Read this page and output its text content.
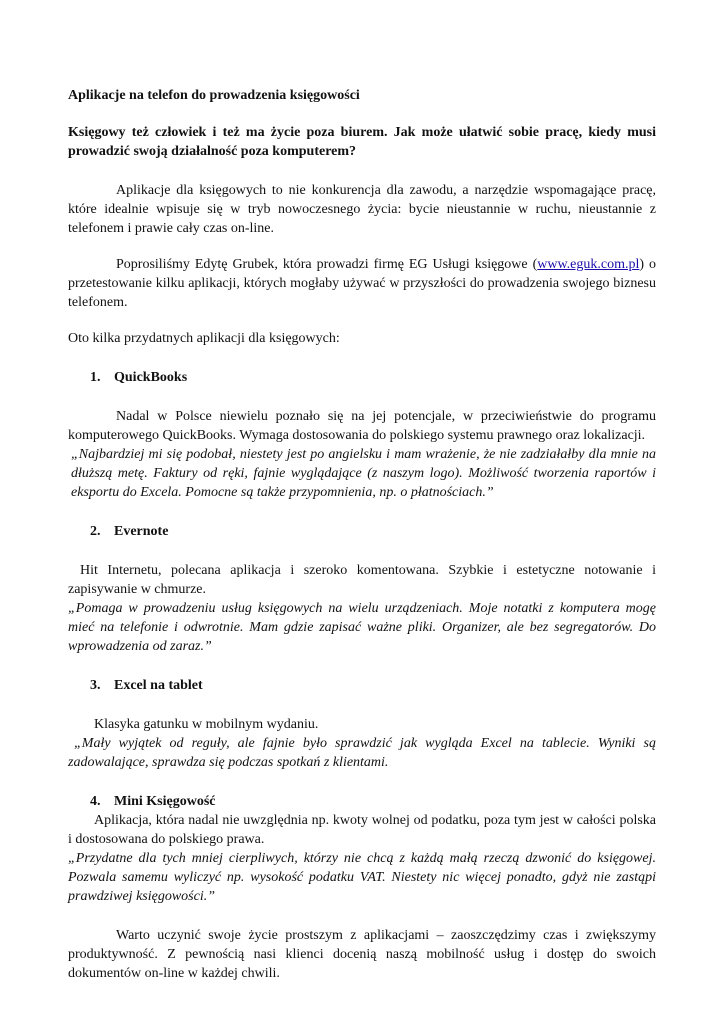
Aplikacje na telefon do prowadzenia księgowości

Księgowy też człowiek i też ma życie poza biurem. Jak może ułatwić sobie pracę, kiedy musi prowadzić swoją działalność poza komputerem?

Aplikacje dla księgowych to nie konkurencja dla zawodu, a narzędzie wspomagające pracę, które idealnie wpisuje się w tryb nowoczesnego życia: bycie nieustannie w ruchu, nieustannie z telefonem i prawie cały czas on-line.

Poprosiliśmy Edytę Grubek, która prowadzi firmę EG Usługi księgowe (www.eguk.com.pl) o przetestowanie kilku aplikacji, których mogłaby używać w przyszłości do prowadzenia swojego biznesu telefonem.

Oto kilka przydatnych aplikacji dla księgowych:

1. QuickBooks

Nadal w Polsce niewielu poznało się na jej potencjale, w przeciwieństwie do programu komputerowego QuickBooks. Wymaga dostosowania do polskiego systemu prawnego oraz lokalizacji.

„Najbardziej mi się podobał, niestety jest po angielsku i mam wrażenie, że nie zadziałałby dla mnie na dłuższą metę. Faktury od ręki, fajnie wyglądające (z naszym logo). Możliwość tworzenia raportów i eksportu do Excela. Pomocne są także przypomnienia, np. o płatnościach.”

2. Evernote

Hit Internetu, polecana aplikacja i szeroko komentowana. Szybkie i estetyczne notowanie i zapisywanie w chmurze.

„Pomaga w prowadzeniu usług księgowych na wielu urządzeniach. Moje notatki z komputera mogę mieć na telefonie i odwrotnie. Mam gdzie zapisać ważne pliki. Organizer, ale bez segregatorów. Do wprowadzenia od zaraz.”

3. Excel na tablet

Klasyka gatunku w mobilnym wydaniu.

„Mały wyjątek od reguły, ale fajnie było sprawdzić jak wygląda Excel na tablecie. Wyniki są zadowalające, sprawdza się podczas spotkań z klientami.

4. Mini Księgowość

Aplikacja, która nadal nie uwzględnia np. kwoty wolnej od podatku, poza tym jest w całości polska i dostosowana do polskiego prawa.

„Przydatne dla tych mniej cierpliwych, którzy nie chcą z każdą małą rzeczą dzwonić do księgowej. Pozwala samemu wyliczyć np. wysokość podatku VAT. Niestety nic więcej ponadto, gdyż nie zastąpi prawdziwej księgowości.”

Warto uczynić swoje życie prostszym z aplikacjami – zaoszczędzimy czas i zwiększymy produktywność. Z pewnością nasi klienci docenią naszą mobilność usług i dostęp do swoich dokumentów on-line w każdej chwili.
